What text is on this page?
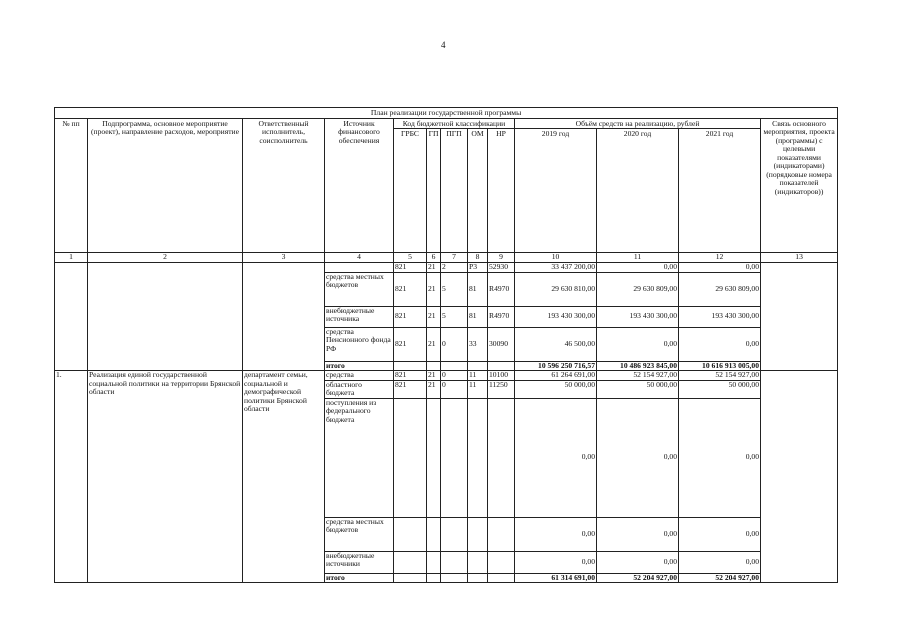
4
План реализации государственной программы													
№ пп	Подпрограмма, основное мероприятие (проект), направление расходов, мероприятие	Ответственный исполнитель, соисполнитель	Источник финансового обеспечения	Код бюджетной классификации					Объём средств на реализацию, рублей			Связь основного мероприятия, проекта (программы) с целевыми показателями (индикаторами) (порядковые номера показателей (индикаторов))	
				ГРБС	ГП	ПГП	ОМ	НР	2019 год	2020 год	2021 год		
1	2	3	4	5	6	7	8	9	10	11	12	13	
				821	21	2	Р3	52930	33 437 200,00	0,00	0,00		
			средства местных бюджетов	821	21	5	81	R4970	29 630 810,00	29 630 809,00	29 630 809,00		
			внебюджетные источника	821	21	5	81	R4970	193 430 300,00	193 430 300,00	193 430 300,00		
			средства Пенсионного фонда РФ	821	21	0	33	30090	46 500,00	0,00	0,00		
			итого						10 596 250 716,57	10 486 923 845,00	10 616 913 005,00		
1.	Реализация единой государственной социальной политики на территории Брянской области	департамент семьи, социальной и демографической политики Брянской области	средства	821	21	0	11	10100	61 264 691,00	52 154 927,00	52 154 927,00		
			областного бюджета	821	21	0	11	11250	50 000,00	50 000,00	50 000,00		
			поступления из федерального бюджета						0,00	0,00	0,00		
			средства местных бюджетов						0,00	0,00	0,00		
			внебюджетные источники						0,00	0,00	0,00		
			итого						61 314 691,00	52 204 927,00	52 204 927,00	
